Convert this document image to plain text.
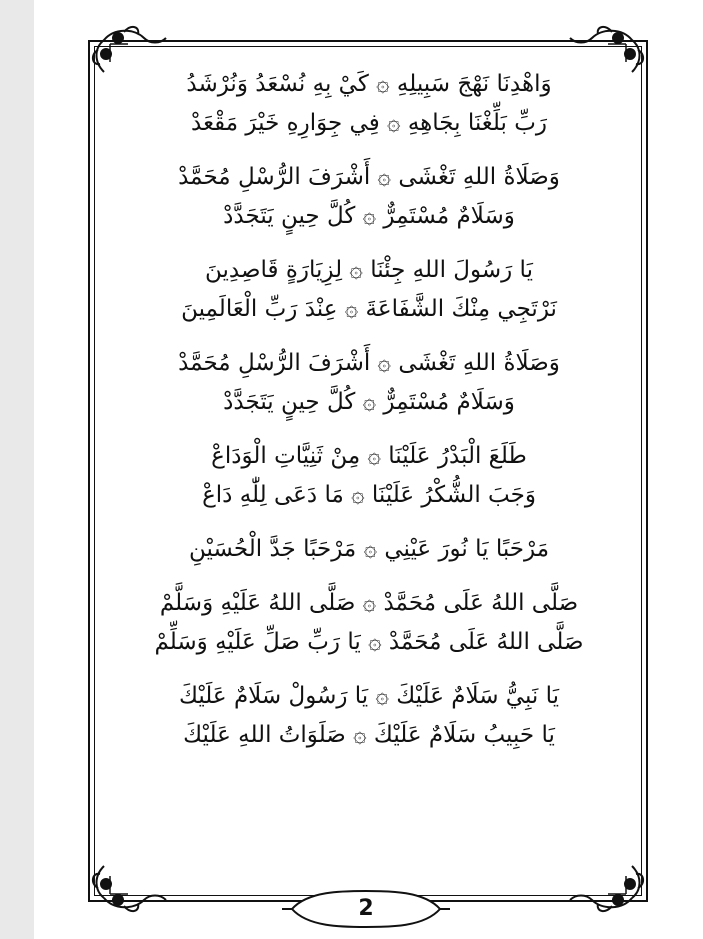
وَاهْدِنَا نَهْجَ سَبِيلِهِ ۞ كَيْ بِهِ نُسْعَدُ وَنُرْشَدُ
رَبِّ بَلِّغْنَا بِجَاهِهِ ۞ فِي جِوَارِهِ خَيْرَ مَقْعَدْ
وَصَلَاةُ اللهِ تَغْشَى ۞ أَشْرَفَ الرُّسْلِ مُحَمَّدْ
وَسَلَامٌ مُسْتَمِرٌّ ۞ كُلَّ حِينٍ يَتَجَدَّدْ
يَا رَسُولَ اللهِ جِئْنَا ۞ لِزِيَارَةٍ قَاصِدِينَ
نَرْتَجِي مِنْكَ الشَّفَاعَةَ ۞ عِنْدَ رَبِّ الْعَالَمِينَ
وَصَلَاةُ اللهِ تَغْشَى ۞ أَشْرَفَ الرُّسْلِ مُحَمَّدْ
وَسَلَامٌ مُسْتَمِرٌّ ۞ كُلَّ حِينٍ يَتَجَدَّدْ
طَلَعَ الْبَدْرُ عَلَيْنَا ۞ مِنْ ثَنِيَّاتِ الْوَدَاعْ
وَجَبَ الشُّكْرُ عَلَيْنَا ۞ مَا دَعَى لِلّٰهِ دَاعْ
مَرْحَبًا يَا نُورَ عَيْنِي ۞ مَرْحَبًا جَدَّ الْحُسَيْنِ
صَلَّى اللهُ عَلَى مُحَمَّدْ ۞ صَلَّى اللهُ عَلَيْهِ وَسَلَّمْ
صَلَّى اللهُ عَلَى مُحَمَّدْ ۞ يَا رَبِّ صَلِّ عَلَيْهِ وَسَلِّمْ
يَا نَبِيُّ سَلَامٌ عَلَيْكَ ۞ يَا رَسُولْ سَلَامٌ عَلَيْكَ
يَا حَبِيبُ سَلَامٌ عَلَيْكَ ۞ صَلَوَاتُ اللهِ عَلَيْكَ
2
